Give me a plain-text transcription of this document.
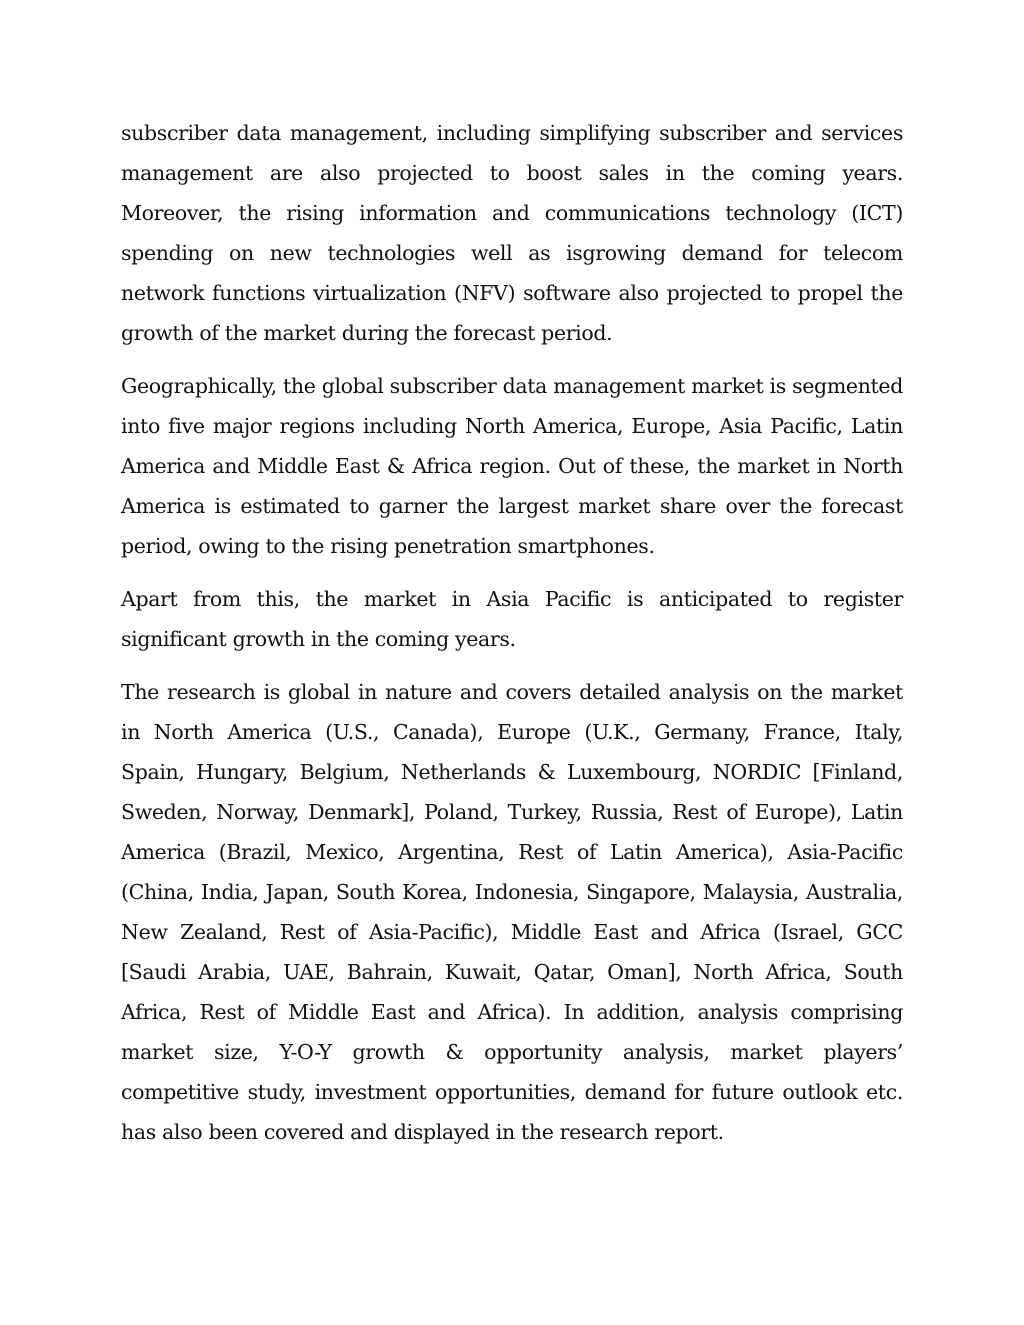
subscriber data management, including simplifying subscriber and services management are also projected to boost sales in the coming years. Moreover, the rising information and communications technology (ICT) spending on new technologies well as isgrowing demand for telecom network functions virtualization (NFV) software also projected to propel the growth of the market during the forecast period.

Geographically, the global subscriber data management market is segmented into five major regions including North America, Europe, Asia Pacific, Latin America and Middle East & Africa region. Out of these, the market in North America is estimated to garner the largest market share over the forecast period, owing to the rising penetration smartphones.

Apart from this, the market in Asia Pacific is anticipated to register significant growth in the coming years.

The research is global in nature and covers detailed analysis on the market in North America (U.S., Canada), Europe (U.K., Germany, France, Italy, Spain, Hungary, Belgium, Netherlands & Luxembourg, NORDIC [Finland, Sweden, Norway, Denmark], Poland, Turkey, Russia, Rest of Europe), Latin America (Brazil, Mexico, Argentina, Rest of Latin America), Asia-Pacific (China, India, Japan, South Korea, Indonesia, Singapore, Malaysia, Australia, New Zealand, Rest of Asia-Pacific), Middle East and Africa (Israel, GCC [Saudi Arabia, UAE, Bahrain, Kuwait, Qatar, Oman], North Africa, South Africa, Rest of Middle East and Africa). In addition, analysis comprising market size, Y-O-Y growth & opportunity analysis, market players’ competitive study, investment opportunities, demand for future outlook etc. has also been covered and displayed in the research report.
